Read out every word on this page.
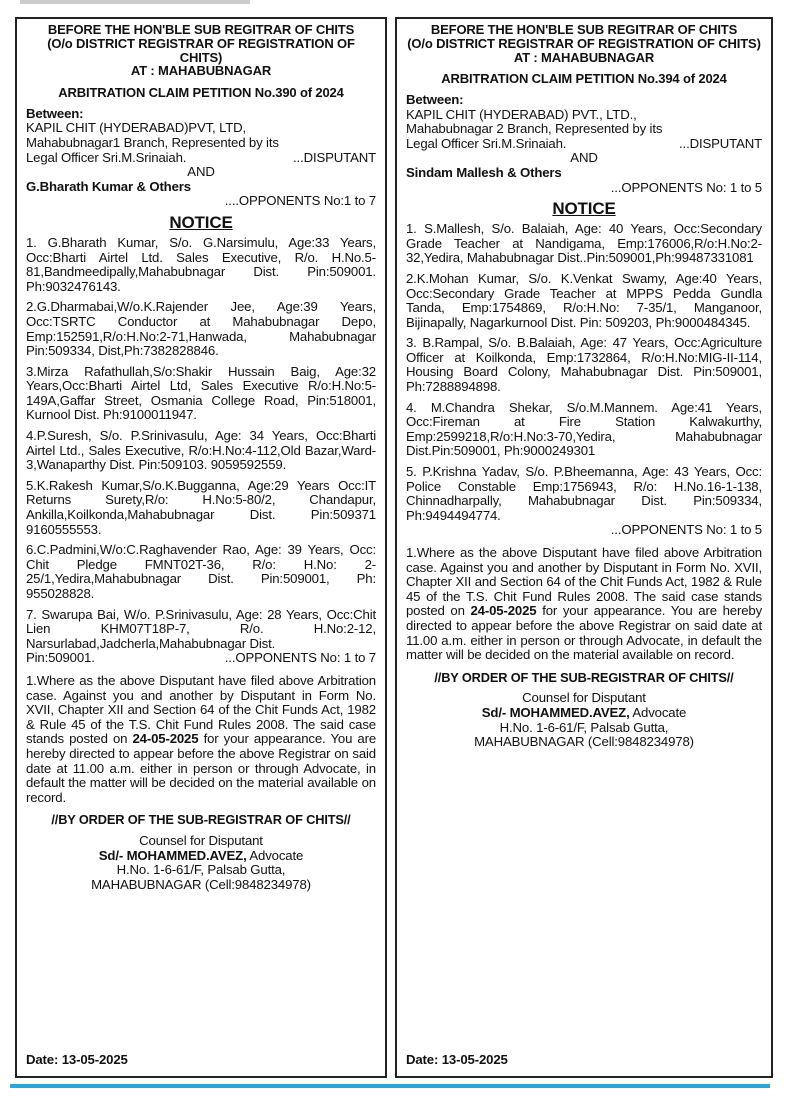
BEFORE THE HON'BLE SUB REGITRAR OF CHITS
(O/o DISTRICT REGISTRAR OF REGISTRATION OF CHITS)
AT : MAHABUBNAGAR
ARBITRATION CLAIM PETITION No.390 of 2024
Between:
KAPIL CHIT (HYDERABAD)PVT, LTD,
Mahabubnagar1 Branch, Represented by its
Legal Officer Sri.M.Srinaiah.	...DISPUTANT
AND
G.Bharath Kumar & Others
....OPPONENTS No:1 to 7
NOTICE
1. G.Bharath Kumar, S/o. G.Narsimulu, Age:33 Years, Occ:Bharti Airtel Ltd. Sales Executive, R/o. H.No.5-81,Bandmeedipally,Mahabubnagar Dist. Pin:509001. Ph:9032476143.
2.G.Dharmabai,W/o.K.Rajender Jee, Age:39 Years, Occ:TSRTC Conductor at Mahabubnagar Depo, Emp:152591,R/o:H.No:2-71,Hanwada, Mahabubnagar Pin:509334, Dist,Ph:7382828846.
3.Mirza Rafathullah,S/o:Shakir Hussain Baig, Age:32 Years,Occ:Bharti Airtel Ltd, Sales Executive R/o:H.No:5-149A,Gaffar Street, Osmania College Road, Pin:518001, Kurnool Dist. Ph:9100011947.
4.P.Suresh, S/o. P.Srinivasulu, Age: 34 Years, Occ:Bharti Airtel Ltd., Sales Executive, R/o:H.No:4-112,Old Bazar,Ward-3,Wanaparthy Dist. Pin:509103. 9059592559.
5.K.Rakesh Kumar,S/o.K.Bugganna, Age:29 Years Occ:IT Returns Surety,R/o: H.No:5-80/2, Chandapur, Ankilla,Koilkonda,Mahabubnagar Dist. Pin:509371 9160555553.
6.C.Padmini,W/o:C.Raghavender Rao, Age: 39 Years, Occ: Chit Pledge FMNT02T-36, R/o: H.No: 2-25/1,Yedira,Mahabubnagar Dist. Pin:509001, Ph: 955028828.
7. Swarupa Bai, W/o. P.Srinivasulu, Age: 28 Years, Occ:Chit Lien KHM07T18P-7, R/o. H.No:2-12, Narsurlabad,Jadcherla,Mahabubnagar Dist.
Pin:509001.	...OPPONENTS No: 1 to 7
1.Where as the above Disputant have filed above Arbitration case. Against you and another by Disputant in Form No. XVII, Chapter XII and Section 64 of the Chit Funds Act, 1982 & Rule 45 of the T.S. Chit Fund Rules 2008. The said case stands posted on 24-05-2025 for your appearance. You are hereby directed to appear before the above Registrar on said date at 11.00 a.m. either in person or through Advocate, in default the matter will be decided on the material available on record.
//BY ORDER OF THE SUB-REGISTRAR OF CHITS//
Counsel for Disputant
Sd/- MOHAMMED.AVEZ, Advocate
H.No. 1-6-61/F, Palsab Gutta,
MAHABUBNAGAR (Cell:9848234978)
Date: 13-05-2025
BEFORE THE HON'BLE SUB REGITRAR OF CHITS
(O/o DISTRICT REGISTRAR OF REGISTRATION OF CHITS)
AT : MAHABUBNAGAR
ARBITRATION CLAIM PETITION No.394 of 2024
Between:
KAPIL CHIT (HYDERABAD) PVT., LTD.,
Mahabubnagar 2 Branch, Represented by its
Legal Officer Sri.M.Srinaiah.	...DISPUTANT
AND
Sindam Mallesh & Others
...OPPONENTS No: 1 to 5
NOTICE
1. S.Mallesh, S/o. Balaiah, Age: 40 Years, Occ:Secondary Grade Teacher at Nandigama, Emp:176006,R/o:H.No:2-32,Yedira, Mahabubnagar Dist..Pin:509001,Ph:99487331081
2.K.Mohan Kumar, S/o. K.Venkat Swamy, Age:40 Years, Occ:Secondary Grade Teacher at MPPS Pedda Gundla Tanda, Emp:1754869, R/o:H.No: 7-35/1, Manganoor, Bijinapally, Nagarkurnool Dist. Pin: 509203, Ph:9000484345.
3. B.Rampal, S/o. B.Balaiah, Age: 47 Years, Occ:Agriculture Officer at Koilkonda, Emp:1732864, R/o:H.No:MIG-II-114, Housing Board Colony, Mahabubnagar Dist. Pin:509001, Ph:7288894898.
4. M.Chandra Shekar, S/o.M.Mannem. Age:41 Years, Occ:Fireman at Fire Station Kalwakurthy, Emp:2599218,R/o:H.No:3-70,Yedira, Mahabubnagar Dist.Pin:509001, Ph:9000249301
5. P.Krishna Yadav, S/o. P.Bheemanna, Age: 43 Years, Occ: Police Constable Emp:1756943, R/o: H.No.16-1-138, Chinnadharpally, Mahabubnagar Dist. Pin:509334, Ph:9494494774.
...OPPONENTS No: 1 to 5
1.Where as the above Disputant have filed above Arbitration case. Against you and another by Disputant in Form No. XVII, Chapter XII and Section 64 of the Chit Funds Act, 1982 & Rule 45 of the T.S. Chit Fund Rules 2008. The said case stands posted on 24-05-2025 for your appearance. You are hereby directed to appear before the above Registrar on said date at 11.00 a.m. either in person or through Advocate, in default the matter will be decided on the material available on record.
//BY ORDER OF THE SUB-REGISTRAR OF CHITS//
Counsel for Disputant
Sd/- MOHAMMED.AVEZ, Advocate
H.No. 1-6-61/F, Palsab Gutta,
MAHABUBNAGAR (Cell:9848234978)
Date: 13-05-2025
